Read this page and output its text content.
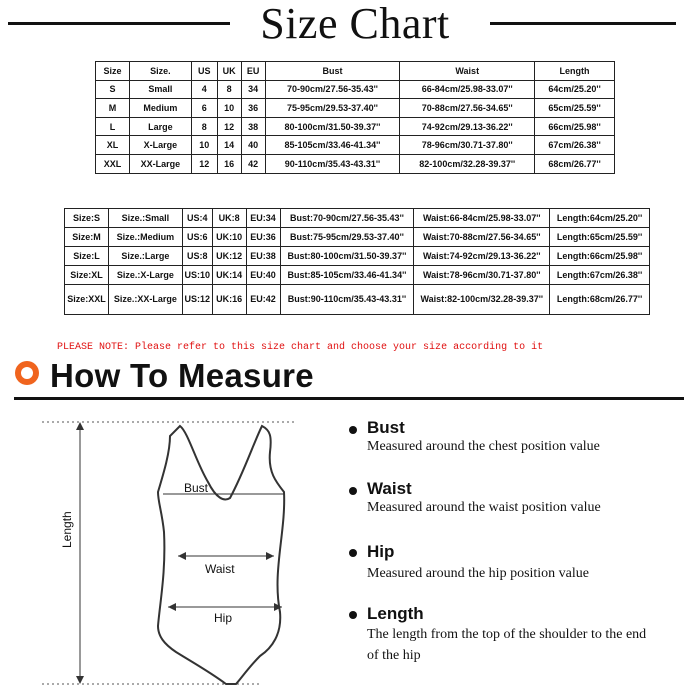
Size Chart
Size	Size.	US	UK	EU	Bust	Waist	Length
S	Small	4	8	34	70-90cm/27.56-35.43''	66-84cm/25.98-33.07''	64cm/25.20''
M	Medium	6	10	36	75-95cm/29.53-37.40''	70-88cm/27.56-34.65''	65cm/25.59''
L	Large	8	12	38	80-100cm/31.50-39.37''	74-92cm/29.13-36.22''	66cm/25.98''
XL	X-Large	10	14	40	85-105cm/33.46-41.34''	78-96cm/30.71-37.80''	67cm/26.38''
XXL	XX-Large	12	16	42	90-110cm/35.43-43.31''	82-100cm/32.28-39.37''	68cm/26.77''
Size:S	Size.:Small	US:4	UK:8	EU:34	Bust:70-90cm/27.56-35.43''	Waist:66-84cm/25.98-33.07''	Length:64cm/25.20''
Size:M	Size.:Medium	US:6	UK:10	EU:36	Bust:75-95cm/29.53-37.40''	Waist:70-88cm/27.56-34.65''	Length:65cm/25.59''
Size:L	Size.:Large	US:8	UK:12	EU:38	Bust:80-100cm/31.50-39.37''	Waist:74-92cm/29.13-36.22''	Length:66cm/25.98''
Size:XL	Size.:X-Large	US:10	UK:14	EU:40	Bust:85-105cm/33.46-41.34''	Waist:78-96cm/30.71-37.80''	Length:67cm/26.38''
Size:XXL	Size.:XX-Large	US:12	UK:16	EU:42	Bust:90-110cm/35.43-43.31''	Waist:82-100cm/32.28-39.37''	Length:68cm/26.77''
PLEASE NOTE: Please refer to this size chart and choose your size according to it
How To Measure
Bust
Waist
Hip
Length
Bust
Measured around the chest position value
Waist
Measured around the waist position value
Hip
Measured around the hip position value
Length
The length from the top of the shoulder to the end of the hip
